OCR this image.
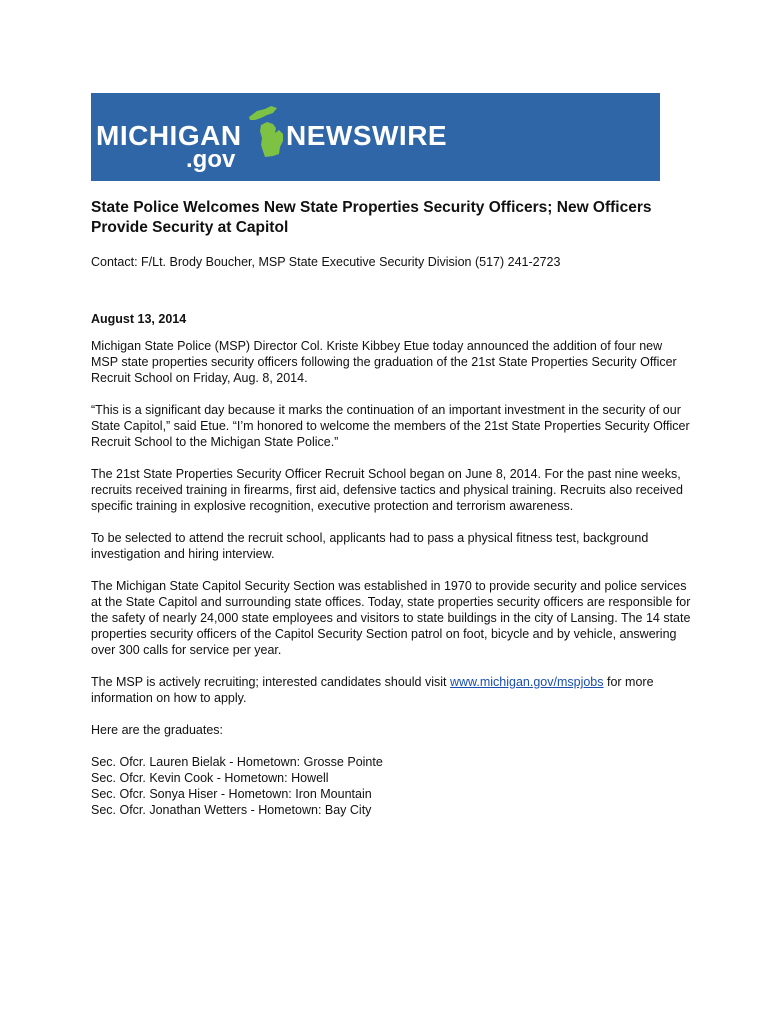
MICHIGAN
.gov
NEWSWIRE
State Police Welcomes New State Properties Security Officers; New Officers Provide Security at Capitol

Contact: F/Lt. Brody Boucher, MSP State Executive Security Division (517) 241-2723

August 13, 2014

Michigan State Police (MSP) Director Col. Kriste Kibbey Etue today announced the addition of four new MSP state properties security officers following the graduation of the 21st State Properties Security Officer Recruit School on Friday, Aug. 8, 2014.

“This is a significant day because it marks the continuation of an important investment in the security of our State Capitol,” said Etue. “I’m honored to welcome the members of the 21st State Properties Security Officer Recruit School to the Michigan State Police.”

The 21st State Properties Security Officer Recruit School began on June 8, 2014. For the past nine weeks, recruits received training in firearms, first aid, defensive tactics and physical training. Recruits also received specific training in explosive recognition, executive protection and terrorism awareness.

To be selected to attend the recruit school, applicants had to pass a physical fitness test, background investigation and hiring interview.

The Michigan State Capitol Security Section was established in 1970 to provide security and police services at the State Capitol and surrounding state offices. Today, state properties security officers are responsible for the safety of nearly 24,000 state employees and visitors to state buildings in the city of Lansing. The 14 state properties security officers of the Capitol Security Section patrol on foot, bicycle and by vehicle, answering over 300 calls for service per year.

The MSP is actively recruiting; interested candidates should visit www.michigan.gov/mspjobs for more information on how to apply.

Here are the graduates:

Sec. Ofcr. Lauren Bielak - Hometown: Grosse Pointe
Sec. Ofcr. Kevin Cook - Hometown: Howell
Sec. Ofcr. Sonya Hiser - Hometown: Iron Mountain
Sec. Ofcr. Jonathan Wetters - Hometown: Bay City
